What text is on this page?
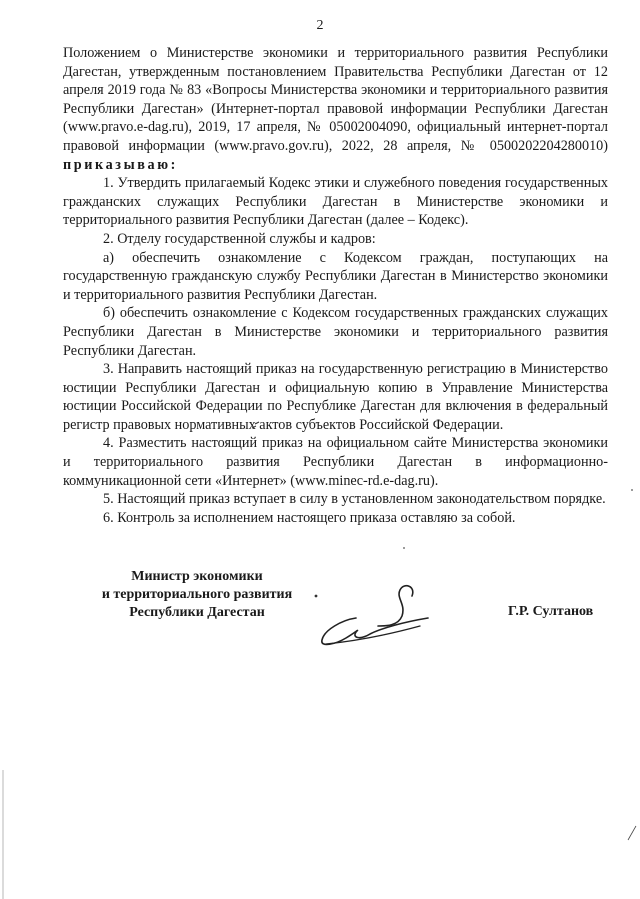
2

Положением о Министерстве экономики и территориального развития Республики Дагестан, утвержденным постановлением Правительства Республики Дагестан от 12 апреля 2019 года № 83 «Вопросы Министерства экономики и территориального развития Республики Дагестан» (Интернет-портал правовой информации Республики Дагестан (www.pravo.e-dag.ru), 2019, 17 апреля, № 05002004090, официальный интернет-портал правовой информации (www.pravo.gov.ru), 2022, 28 апреля, № 0500202204280010) приказываю:

1. Утвердить прилагаемый Кодекс этики и служебного поведения государственных гражданских служащих Республики Дагестан в Министерстве экономики и территориального развития Республики Дагестан (далее – Кодекс).

2. Отделу государственной службы и кадров:

а) обеспечить ознакомление с Кодексом граждан, поступающих на государственную гражданскую службу Республики Дагестан в Министерство экономики и территориального развития Республики Дагестан.

б) обеспечить ознакомление с Кодексом государственных гражданских служащих Республики Дагестан в Министерстве экономики и территориального развития Республики Дагестан.

3. Направить настоящий приказ на государственную регистрацию в Министерство юстиции Республики Дагестан и официальную копию в Управление Министерства юстиции Российской Федерации по Республике Дагестан для включения в федеральный регистр правовых нормативных актов субъектов Российской Федерации.

4. Разместить настоящий приказ на официальном сайте Министерства экономики и территориального развития Республики Дагестан в информационно-коммуникационной сети «Интернет» (www.minec-rd.e-dag.ru).

5. Настоящий приказ вступает в силу в установленном законодательством порядке.

6. Контроль за исполнением настоящего приказа оставляю за собой.

Министр экономики
и территориального развития
Республики Дагестан	Г.Р. Султанов
